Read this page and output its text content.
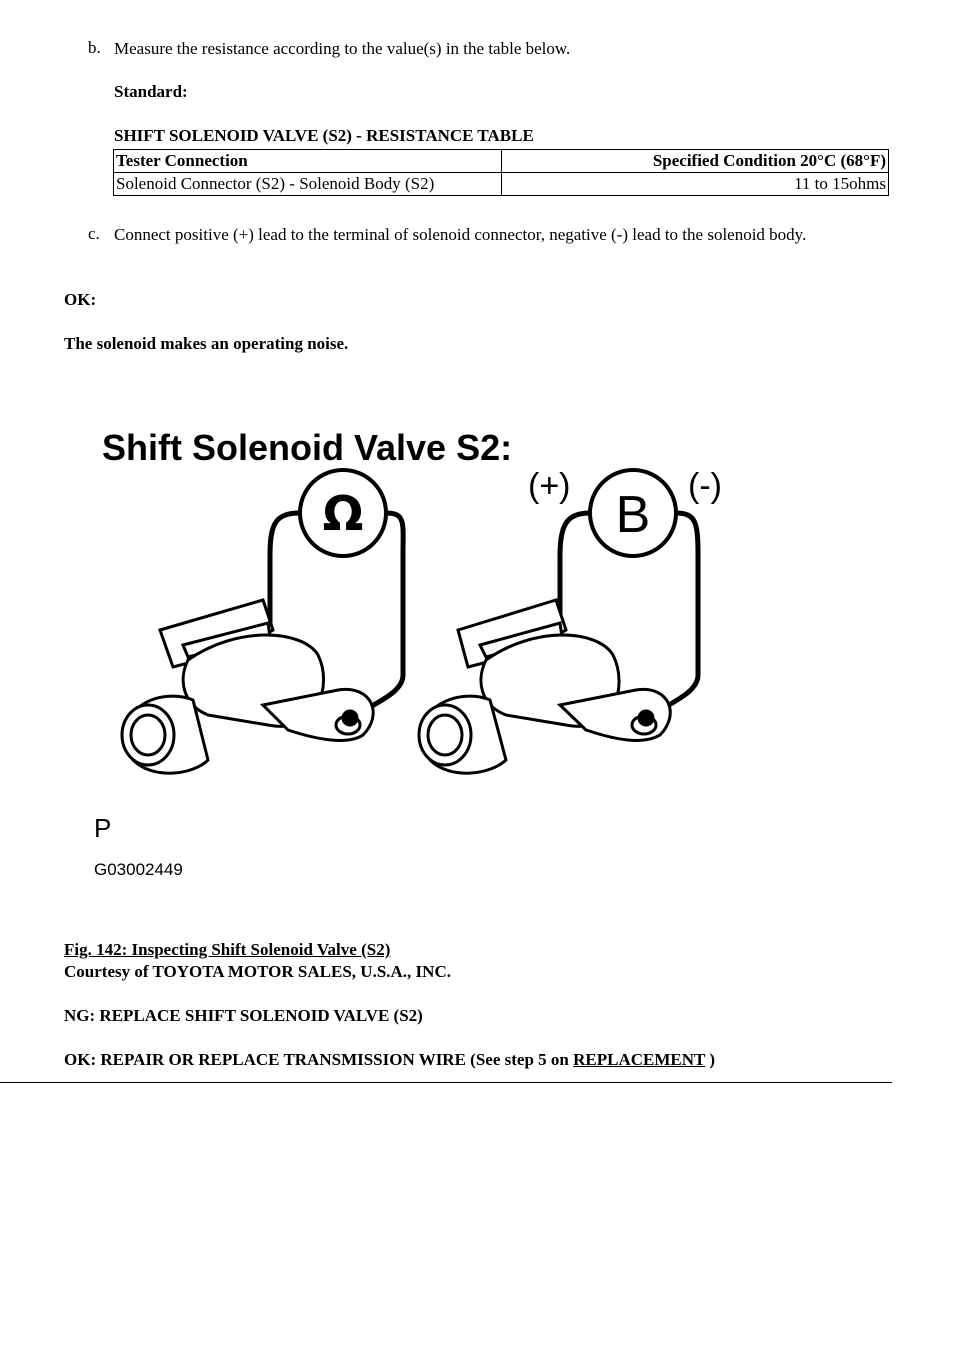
b. Measure the resistance according to the value(s) in the table below.
Standard:
SHIFT SOLENOID VALVE (S2) - RESISTANCE TABLE
Tester Connection	Specified Condition 20°C (68°F)
Solenoid Connector (S2) - Solenoid Body (S2)	11 to 15ohms
c. Connect positive (+) lead to the terminal of solenoid connector, negative (-) lead to the solenoid body.
OK:
The solenoid makes an operating noise.
Shift Solenoid Valve S2:
Ω	(+)	(-)
B
P
G03002449
Fig. 142: Inspecting Shift Solenoid Valve (S2)
Courtesy of TOYOTA MOTOR SALES, U.S.A., INC.
NG: REPLACE SHIFT SOLENOID VALVE (S2)
OK: REPAIR OR REPLACE TRANSMISSION WIRE (See step 5 on REPLACEMENT )
